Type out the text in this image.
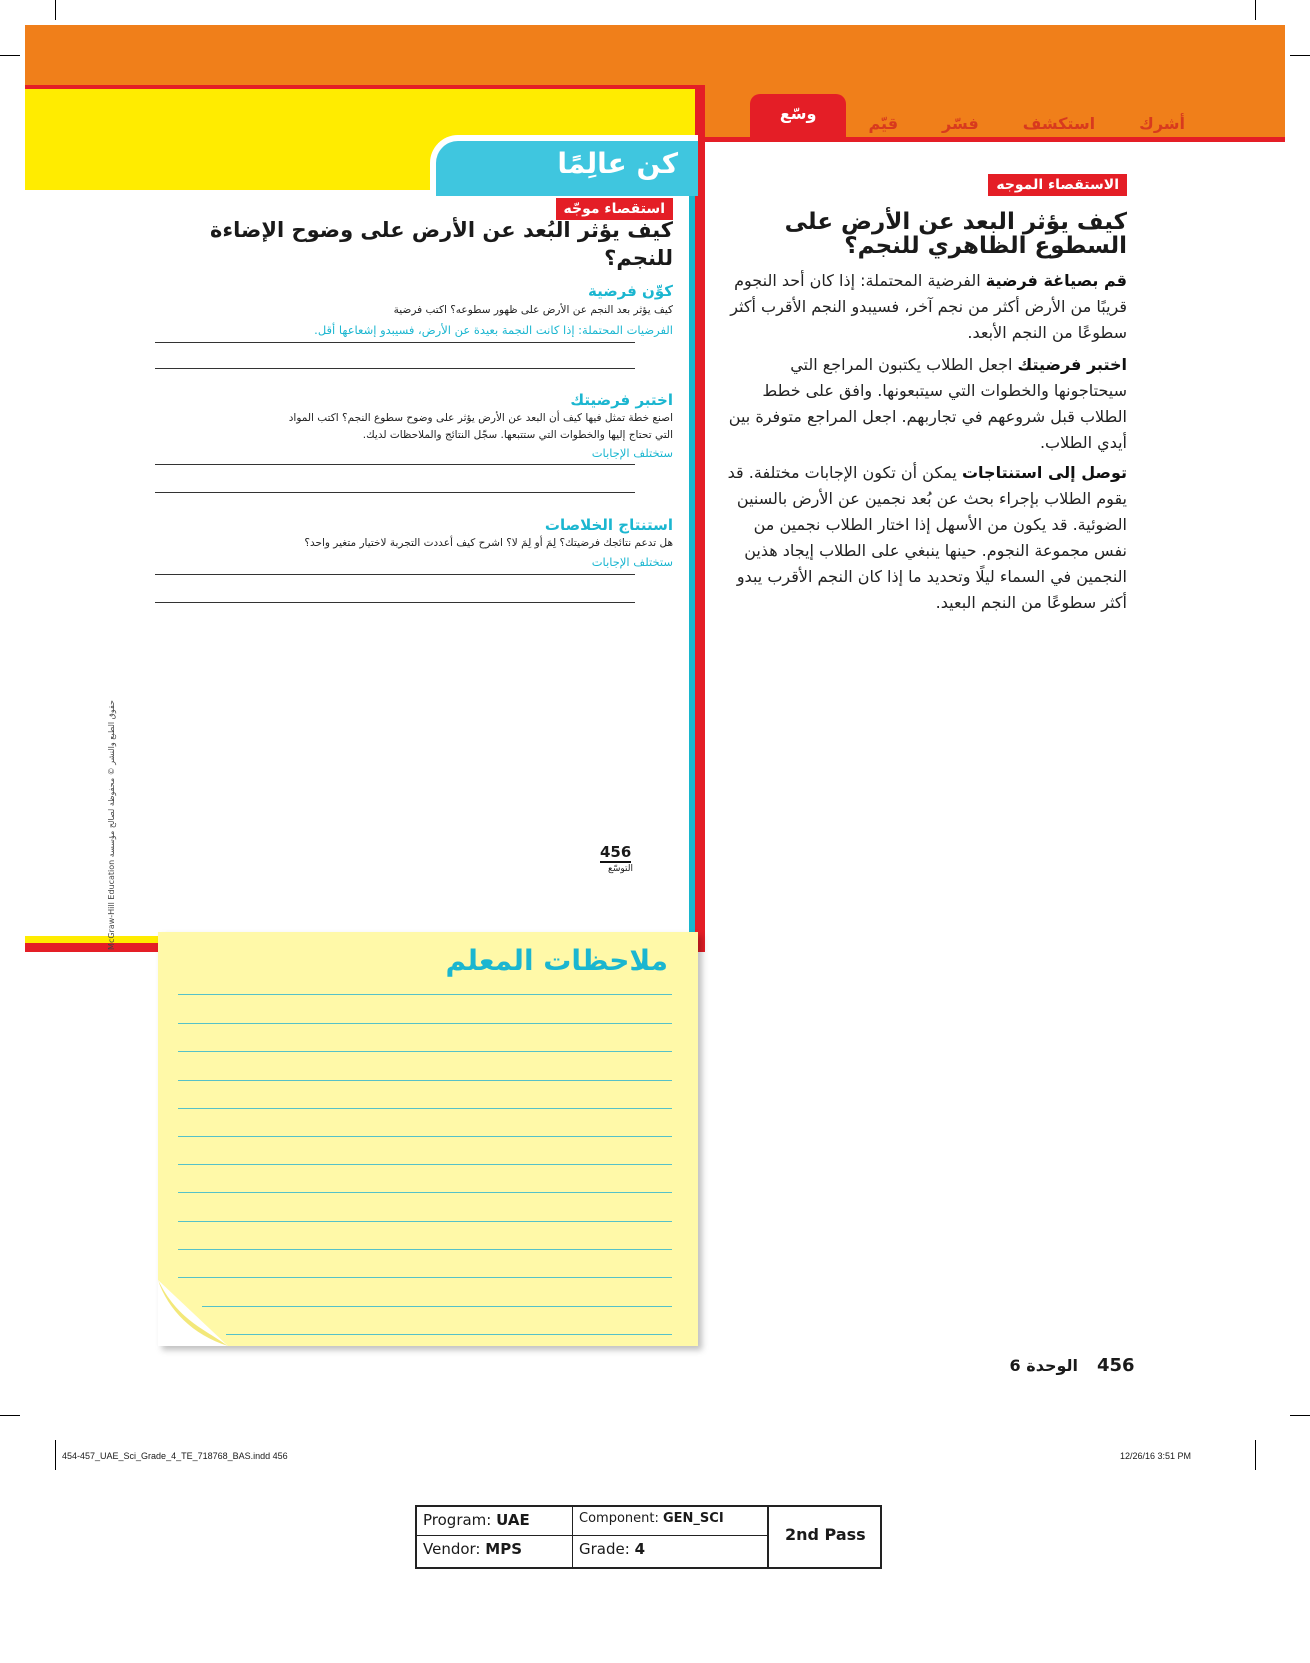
أشرك
استكشف
فسّر
قيّم
وسّع
كن عالِمًا
استقصاء موجّه
كيف يؤثر البُعد عن الأرض على وضوح الإضاءة للنجم؟
كوِّن فرضية
كيف يؤثر بعد النجم عن الأرض على ظهور سطوعه؟ اكتب فرضية
الفرضيات المحتملة: إذا كانت النجمة بعيدة عن الأرض، فسيبدو إشعاعها أقل.
اختبر فرضيتك
اصنع خطة تمثل فيها كيف أن البعد عن الأرض يؤثر على وضوح سطوع النجم؟ اكتب المواد
التي تحتاج إليها والخطوات التي ستتبعها. سجّل النتائج والملاحظات لديك.
ستختلف الإجابات
استنتاج الخلاصات
هل تدعم نتائجك فرضيتك؟ لِمَ أو لِمَ لا؟ اشرح كيف أعددت التجربة لاختيار متغير واحد؟
ستختلف الإجابات
حقوق الطبع والنشر © محفوظة لصالح مؤسسة McGraw-Hill Education	456
التوسّع
الاستقصاء الموجه
كيف يؤثر البعد عن الأرض على السطوع الظاهري للنجم؟
قم بصياغة فرضية الفرضية المحتملة: إذا كان أحد النجوم قريبًا من الأرض أكثر من نجم آخر، فسيبدو النجم الأقرب أكثر سطوعًا من النجم الأبعد.
اختبر فرضيتك اجعل الطلاب يكتبون المراجع التي سيحتاجونها والخطوات التي سيتبعونها. وافق على خطط الطلاب قبل شروعهم في تجاربهم. اجعل المراجع متوفرة بين أيدي الطلاب.
توصل إلى استنتاجات يمكن أن تكون الإجابات مختلفة. قد يقوم الطلاب بإجراء بحث عن بُعد نجمين عن الأرض بالسنين الضوئية. قد يكون من الأسهل إذا اختار الطلاب نجمين من نفس مجموعة النجوم. حينها ينبغي على الطلاب إيجاد هذين النجمين في السماء ليلًا وتحديد ما إذا كان النجم الأقرب يبدو أكثر سطوعًا من النجم البعيد.
ملاحظات المعلم
456
الوحدة 6
454-457_UAE_Sci_Grade_4_TE_718768_BAS.indd 456	12/26/16 3:51 PM
Program: UAE	Component: GEN_SCI
Vendor: MPS	Grade: 4
2nd Pass
